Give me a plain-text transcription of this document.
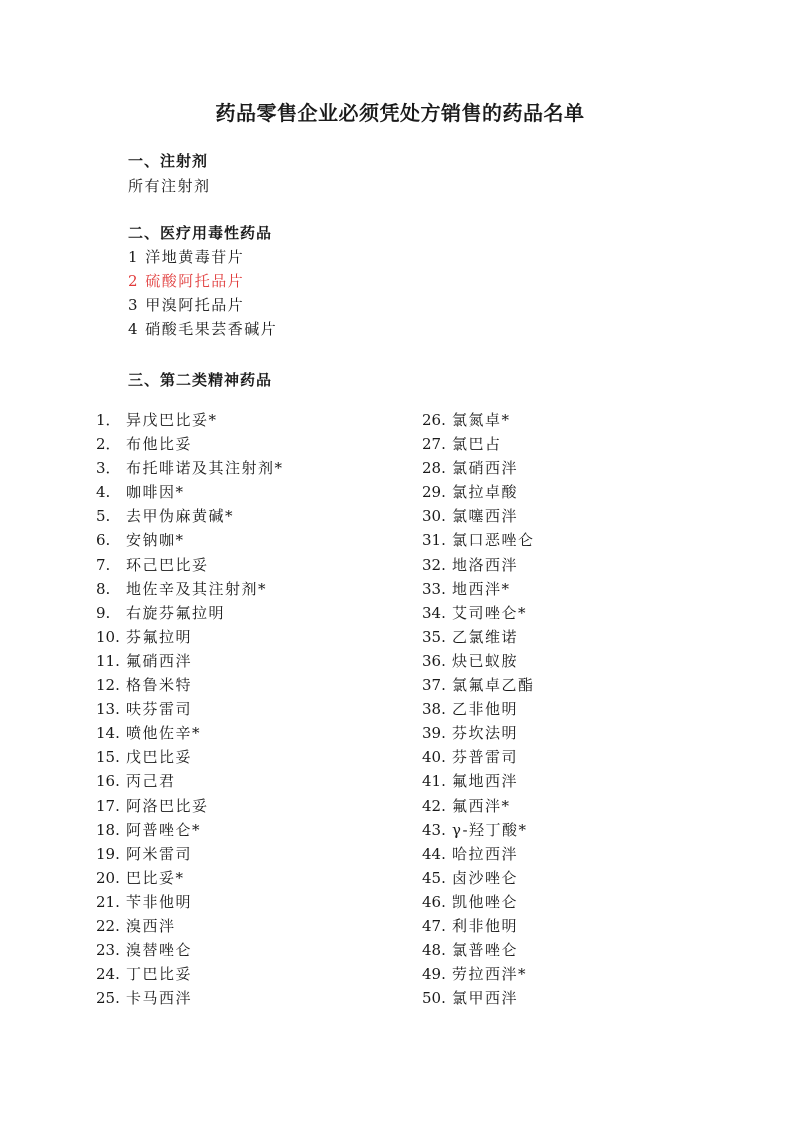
药品零售企业必须凭处方销售的药品名单
一、注射剂
所有注射剂
二、医疗用毒性药品
1 洋地黄毒苷片
2 硫酸阿托品片
3 甲溴阿托品片
4 硝酸毛果芸香碱片
三、第二类精神药品
1． 异戊巴比妥*
2． 布他比妥
3． 布托啡诺及其注射剂*
4. 咖啡因*
5. 去甲伪麻黄碱*
6. 安钠咖*
7. 环己巴比妥
8. 地佐辛及其注射剂*
9. 右旋芬氟拉明
10. 芬氟拉明
11. 氟硝西泮
12. 格鲁米特
13. 呋芬雷司
14. 喷他佐辛*
15. 戊巴比妥
16. 丙己君
17. 阿洛巴比妥
18. 阿普唑仑*
19. 阿米雷司
20. 巴比妥*
21. 苄非他明
22. 溴西泮
23. 溴替唑仑
24. 丁巴比妥
25. 卡马西泮
26. 氯氮卓*
27. 氯巴占
28. 氯硝西泮
29. 氯拉卓酸
30. 氯噻西泮
31. 氯口恶唑仑
32. 地洛西泮
33. 地西泮*
34. 艾司唑仑*
35. 乙氯维诺
36. 炔已蚁胺
37. 氯氟卓乙酯
38. 乙非他明
39. 芬坎法明
40. 芬普雷司
41. 氟地西泮
42. 氟西泮*
43. γ-羟丁酸*
44. 哈拉西泮
45. 卤沙唑仑
46. 凯他唑仑
47. 利非他明
48. 氯普唑仑
49. 劳拉西泮*
50. 氯甲西泮
